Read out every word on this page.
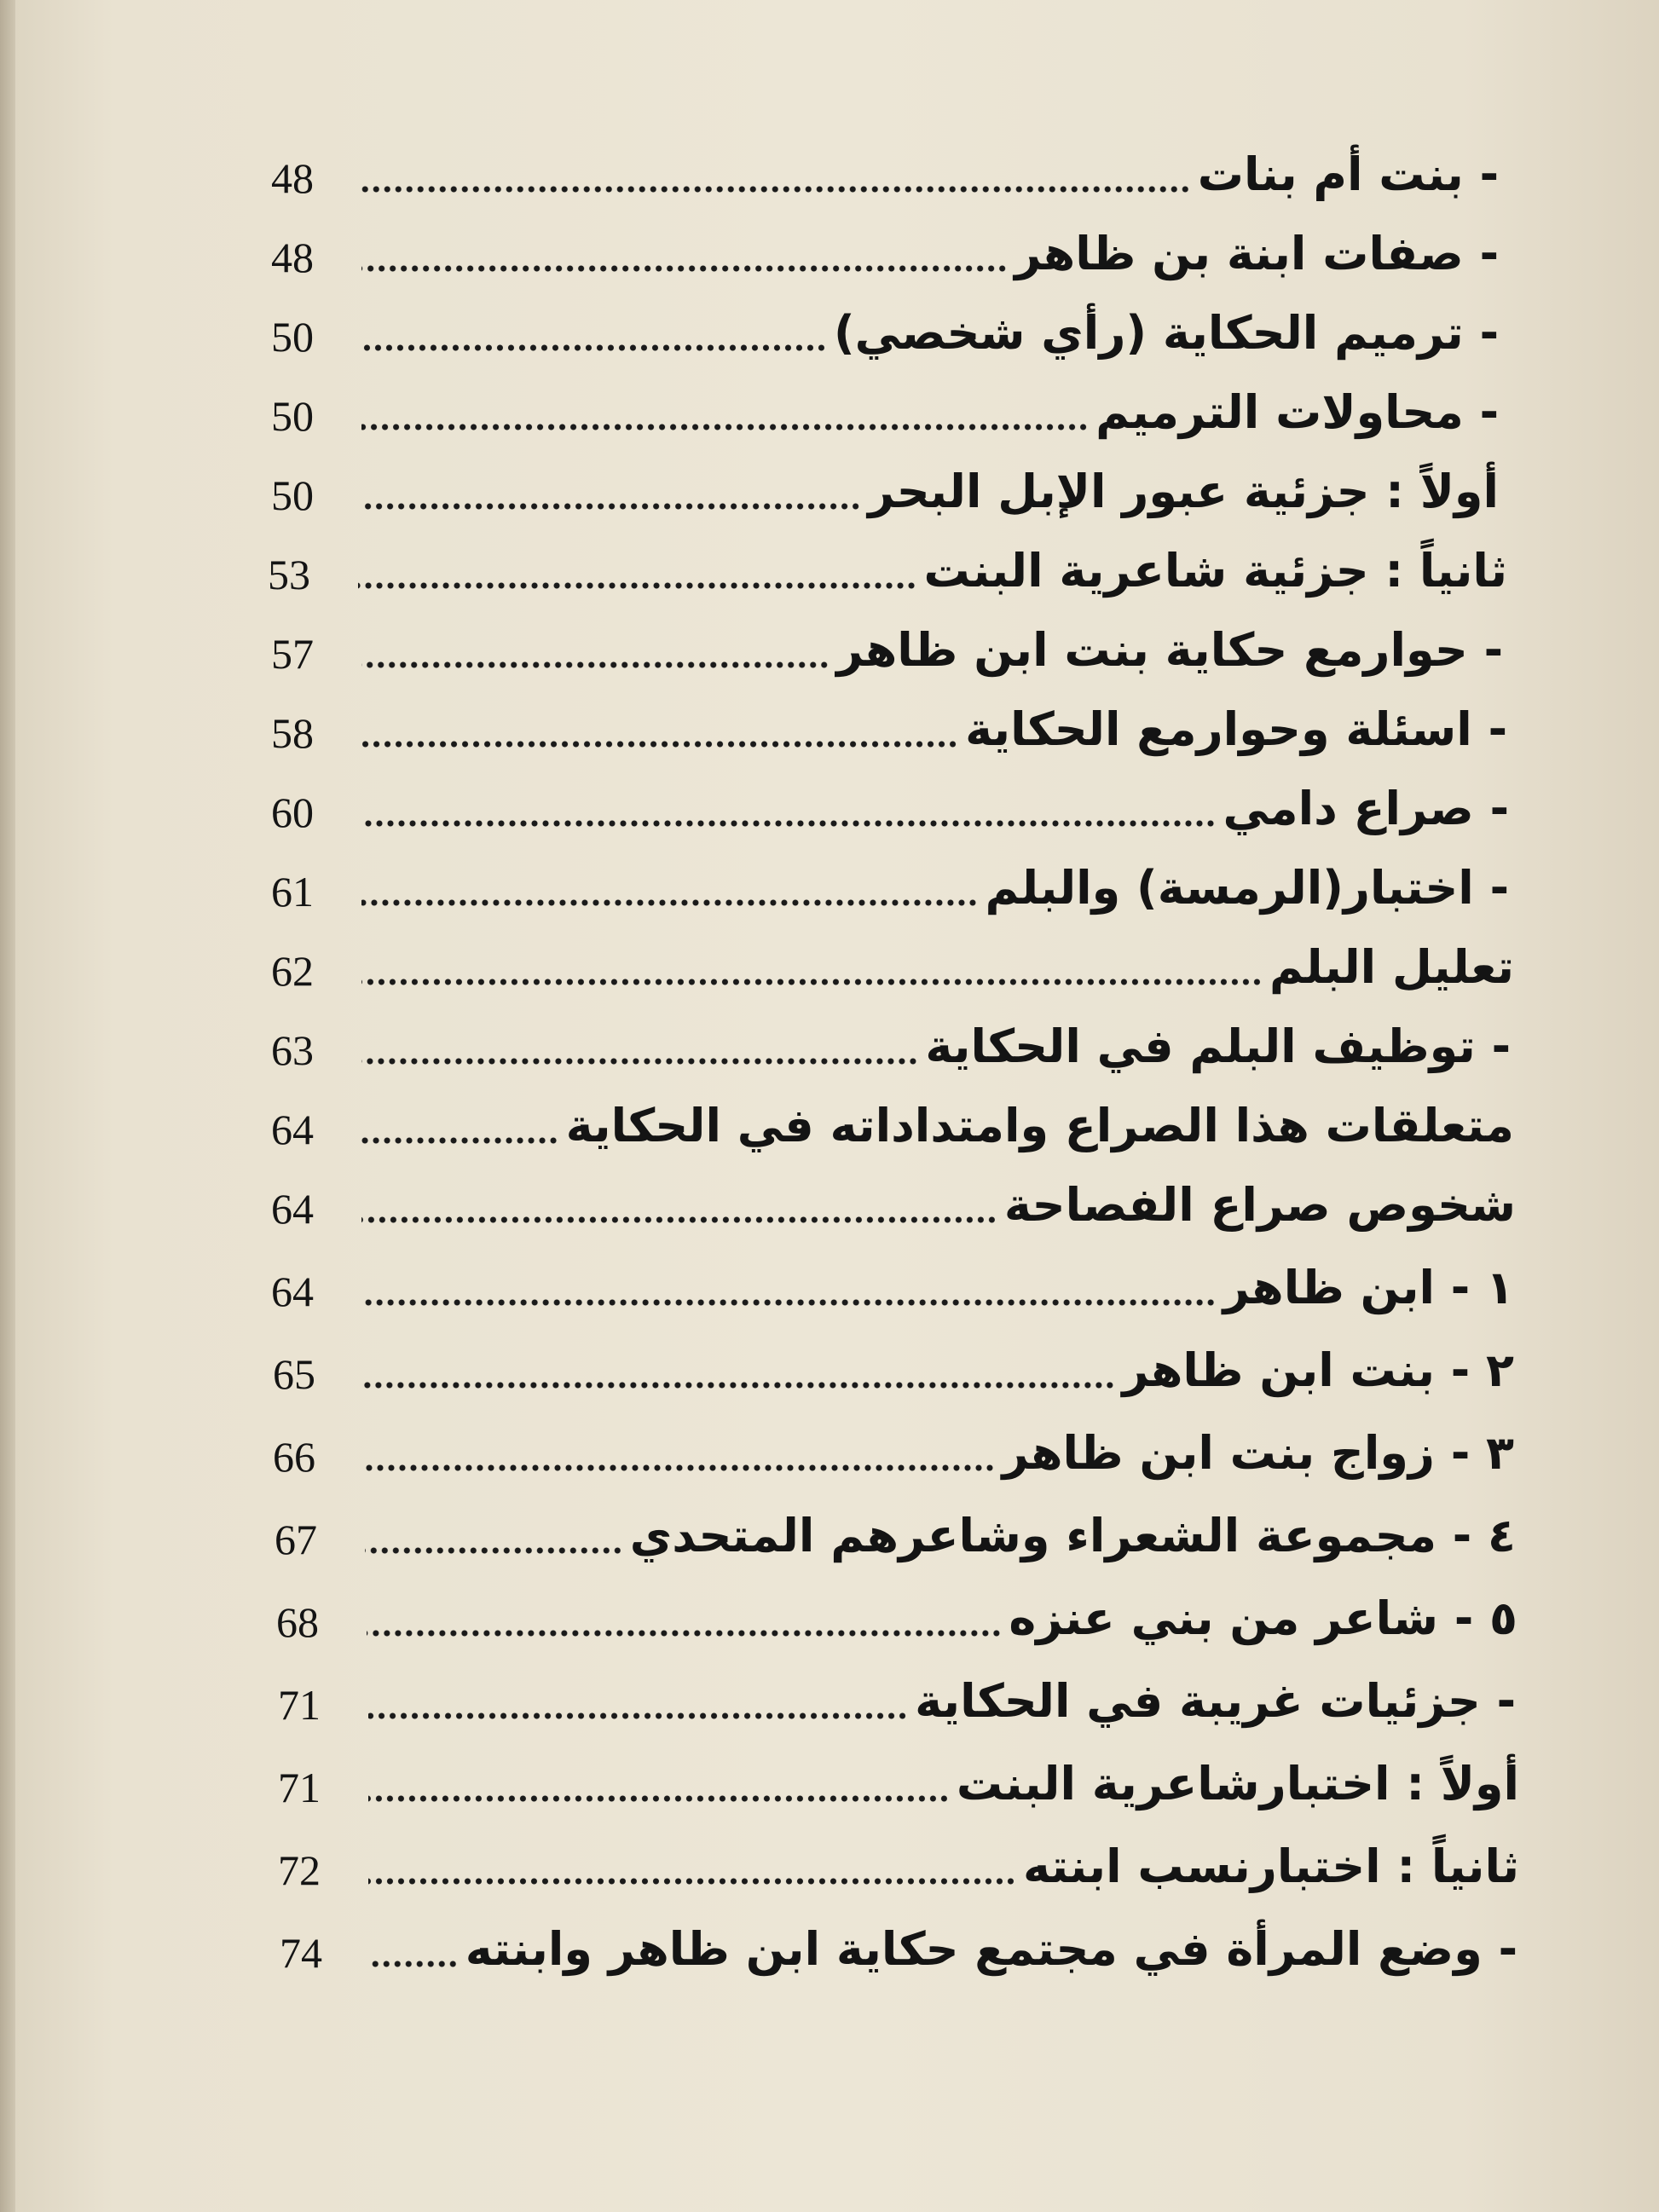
- بنت أم بنات
48
- صفات ابنة بن ظاهر
48
- ترميم الحكاية (رأي شخصي)
50
- محاولات الترميم
50
أولاً : جزئية عبور الإبل البحر
50
ثانياً : جزئية شاعرية البنت
53
- حوارمع حكاية بنت ابن ظاهر
57
- اسئلة وحوارمع الحكاية
58
- صراع دامي
60
- اختبار(الرمسة) والبلم
61
تعليل البلم
62
- توظيف البلم في الحكاية
63
متعلقات هذا الصراع وامتداداته في الحكاية
64
شخوص صراع الفصاحة
64
١ - ابن ظاهر
64
٢ - بنت ابن ظاهر
65
٣ - زواج بنت ابن ظاهر
66
٤ - مجموعة الشعراء وشاعرهم المتحدي
67
٥ - شاعر من بني عنزه
68
- جزئيات غريبة في الحكاية
71
أولاً : اختبارشاعرية البنت
71
ثانياً : اختبارنسب ابنته
72
- وضع المرأة في مجتمع حكاية ابن ظاهر وابنته
74
